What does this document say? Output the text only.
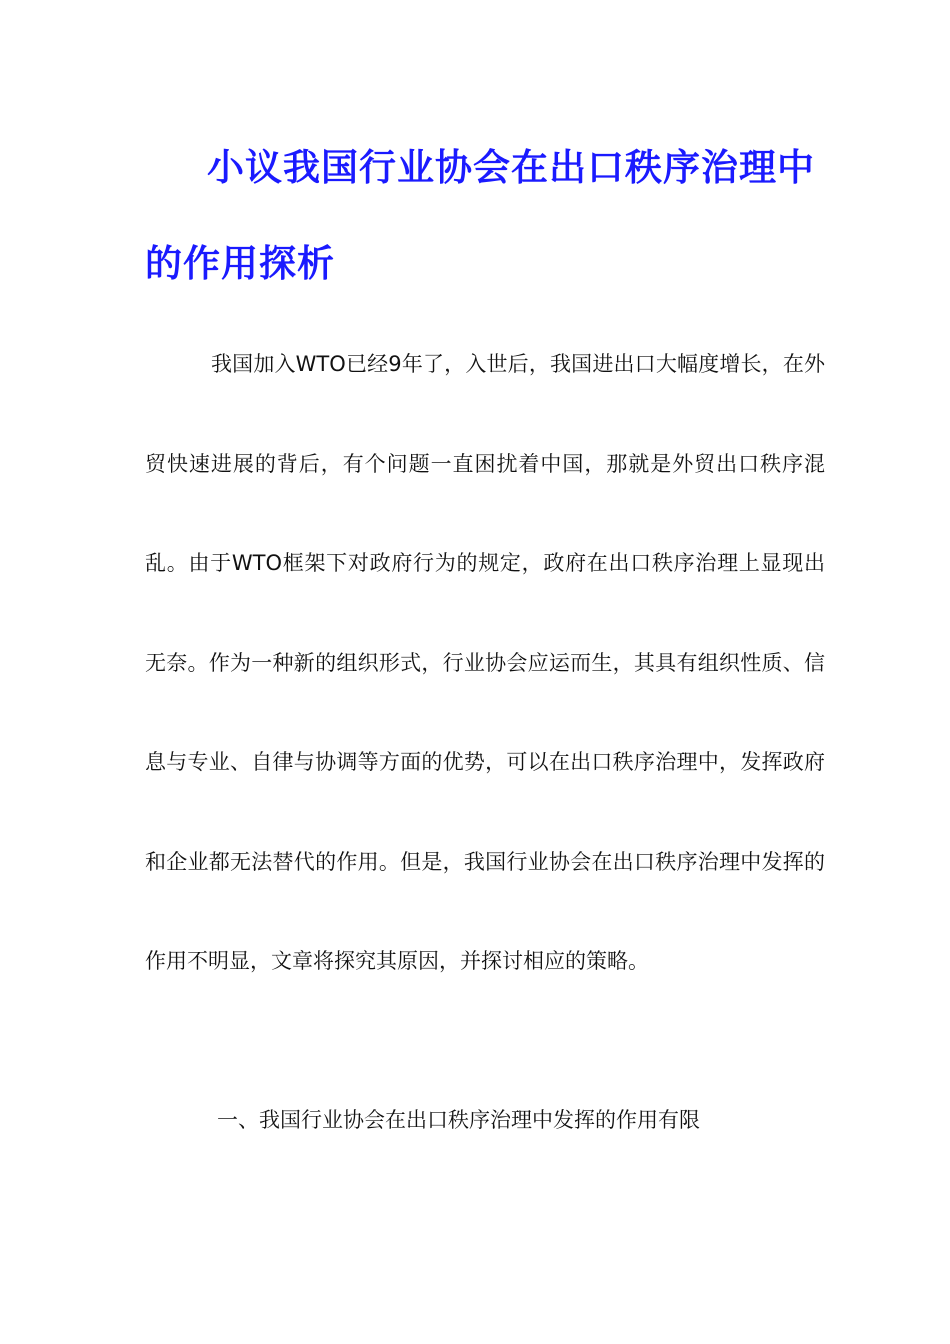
小议我国行业协会在出口秩序治理中的作用探析

我国加入WTO已经9年了，入世后，我国进出口大幅度增长，在外贸快速进展的背后，有个问题一直困扰着中国，那就是外贸出口秩序混乱。由于WTO框架下对政府行为的规定，政府在出口秩序治理上显现出无奈。作为一种新的组织形式，行业协会应运而生，其具有组织性质、信息与专业、自律与协调等方面的优势，可以在出口秩序治理中，发挥政府和企业都无法替代的作用。但是，我国行业协会在出口秩序治理中发挥的作用不明显，文章将探究其原因，并探讨相应的策略。

一、我国行业协会在出口秩序治理中发挥的作用有限
